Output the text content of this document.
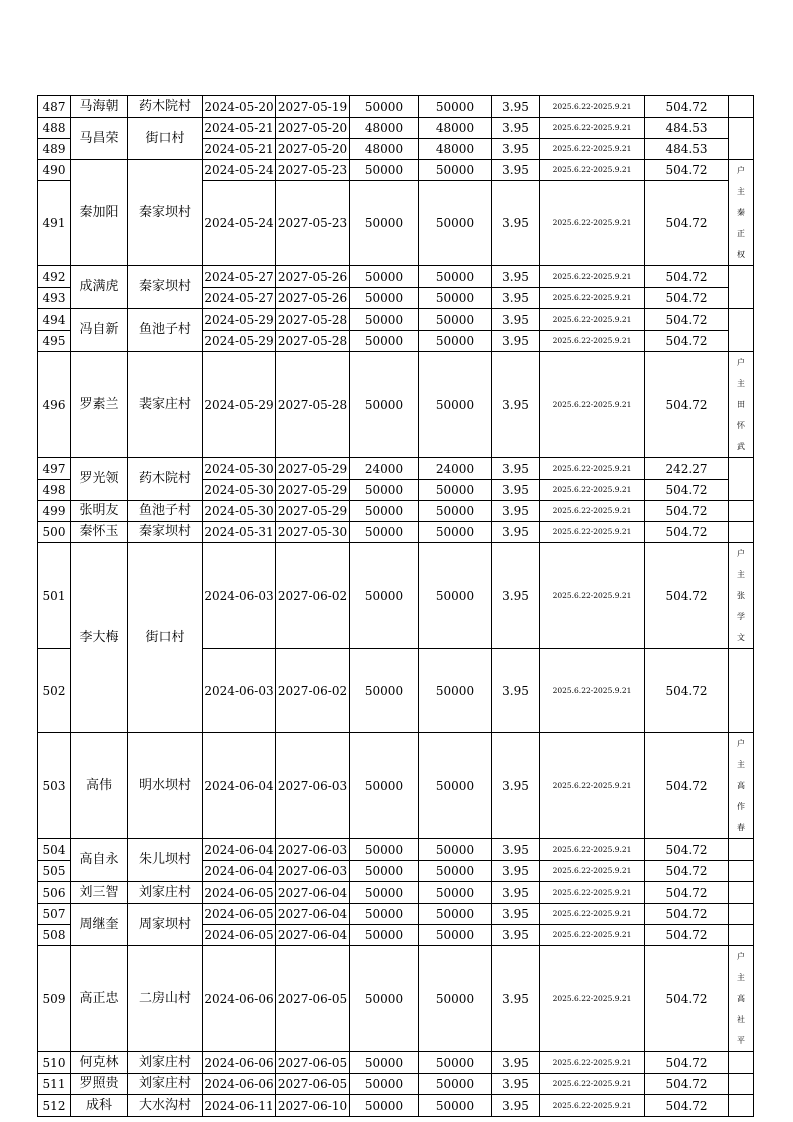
487	马海朝	药木院村	2024-05-20	2027-05-19	50000	50000	3.95	2025.6.22-2025.9.21	504.72	

488	马昌荣	街口村	2024-05-21	2027-05-20	48000	48000	3.95	2025.6.22-2025.9.21	484.53	

489			2024-05-21	2027-05-20	48000	48000	3.95	2025.6.22-2025.9.21	484.53	
490	秦加阳	秦家坝村	2024-05-24	2027-05-23	50000	50000	3.95	2025.6.22-2025.9.21	504.72	户主秦正权

491			2024-05-24	2027-05-23	50000	50000	3.95	2025.6.22-2025.9.21	504.72	
492	成满虎	秦家坝村	2024-05-27	2027-05-26	50000	50000	3.95	2025.6.22-2025.9.21	504.72	

493			2024-05-27	2027-05-26	50000	50000	3.95	2025.6.22-2025.9.21	504.72	
494	冯自新	鱼池子村	2024-05-29	2027-05-28	50000	50000	3.95	2025.6.22-2025.9.21	504.72	

495			2024-05-29	2027-05-28	50000	50000	3.95	2025.6.22-2025.9.21	504.72	
496	罗素兰	裴家庄村	2024-05-29	2027-05-28	50000	50000	3.95	2025.6.22-2025.9.21	504.72	户主田怀武

497	罗光领	药木院村	2024-05-30	2027-05-29	24000	24000	3.95	2025.6.22-2025.9.21	242.27	

498			2024-05-30	2027-05-29	50000	50000	3.95	2025.6.22-2025.9.21	504.72	
499	张明友	鱼池子村	2024-05-30	2027-05-29	50000	50000	3.95	2025.6.22-2025.9.21	504.72	

500	秦怀玉	秦家坝村	2024-05-31	2027-05-30	50000	50000	3.95	2025.6.22-2025.9.21	504.72	

501	李大梅	街口村	2024-06-03	2027-06-02	50000	50000	3.95	2025.6.22-2025.9.21	504.72	户主张学文

502			2024-06-03	2027-06-02	50000	50000	3.95	2025.6.22-2025.9.21	504.72	

503	高伟	明水坝村	2024-06-04	2027-06-03	50000	50000	3.95	2025.6.22-2025.9.21	504.72	户主高作春

504	高自永	朱儿坝村	2024-06-04	2027-06-03	50000	50000	3.95	2025.6.22-2025.9.21	504.72	

505			2024-06-04	2027-06-03	50000	50000	3.95	2025.6.22-2025.9.21	504.72	

506	刘三智	刘家庄村	2024-06-05	2027-06-04	50000	50000	3.95	2025.6.22-2025.9.21	504.72	

507	周继奎	周家坝村	2024-06-05	2027-06-04	50000	50000	3.95	2025.6.22-2025.9.21	504.72	

508			2024-06-05	2027-06-04	50000	50000	3.95	2025.6.22-2025.9.21	504.72	

509	高正忠	二房山村	2024-06-06	2027-06-05	50000	50000	3.95	2025.6.22-2025.9.21	504.72	户主高社平

510	何克林	刘家庄村	2024-06-06	2027-06-05	50000	50000	3.95	2025.6.22-2025.9.21	504.72	

511	罗照贵	刘家庄村	2024-06-06	2027-06-05	50000	50000	3.95	2025.6.22-2025.9.21	504.72	

512	成科	大水沟村	2024-06-11	2027-06-10	50000	50000	3.95	2025.6.22-2025.9.21	504.72	
